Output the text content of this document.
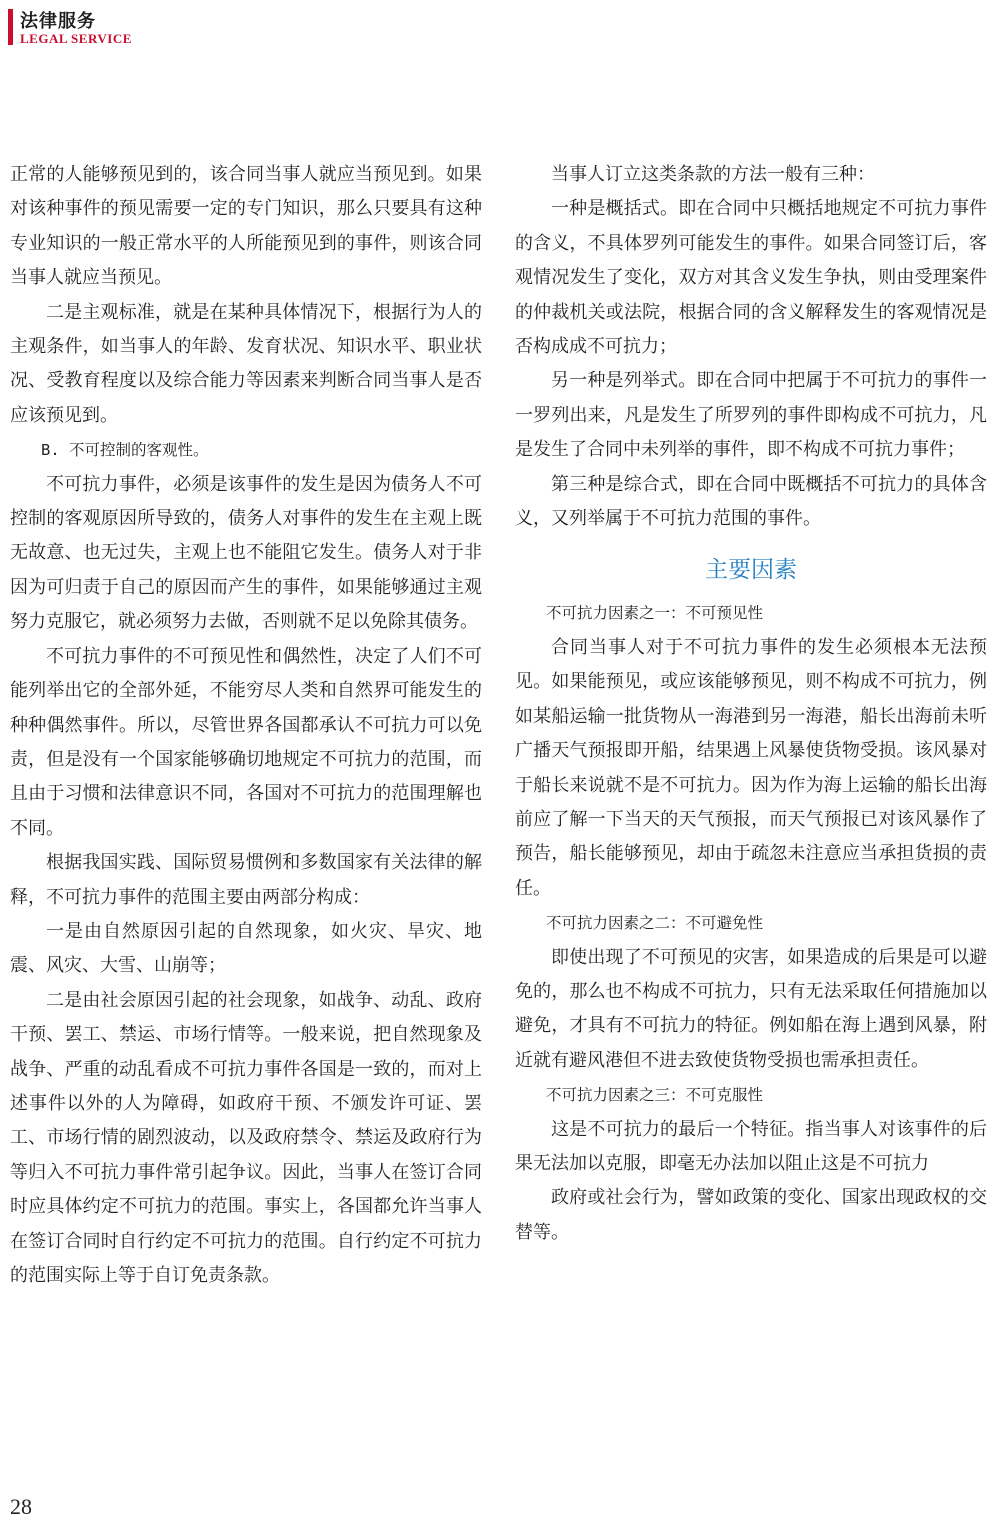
法律服务
LEGAL SERVICE

正常的人能够预见到的，该合同当事人就应当预见到。如果对该种事件的预见需要一定的专门知识，那么只要具有这种专业知识的一般正常水平的人所能预见到的事件，则该合同当事人就应当预见。

二是主观标准，就是在某种具体情况下，根据行为人的主观条件，如当事人的年龄、发育状况、知识水平、职业状况、受教育程度以及综合能力等因素来判断合同当事人是否应该预见到。

B. 不可控制的客观性。

不可抗力事件，必须是该事件的发生是因为债务人不可控制的客观原因所导致的，债务人对事件的发生在主观上既无故意、也无过失，主观上也不能阻它发生。债务人对于非因为可归责于自己的原因而产生的事件，如果能够通过主观努力克服它，就必须努力去做，否则就不足以免除其债务。

不可抗力事件的不可预见性和偶然性，决定了人们不可能列举出它的全部外延，不能穷尽人类和自然界可能发生的种种偶然事件。所以，尽管世界各国都承认不可抗力可以免责，但是没有一个国家能够确切地规定不可抗力的范围，而且由于习惯和法律意识不同，各国对不可抗力的范围理解也不同。

根据我国实践、国际贸易惯例和多数国家有关法律的解释，不可抗力事件的范围主要由两部分构成：

一是由自然原因引起的自然现象，如火灾、旱灾、地震、风灾、大雪、山崩等；

二是由社会原因引起的社会现象，如战争、动乱、政府干预、罢工、禁运、市场行情等。一般来说，把自然现象及战争、严重的动乱看成不可抗力事件各国是一致的，而对上述事件以外的人为障碍，如政府干预、不颁发许可证、罢工、市场行情的剧烈波动，以及政府禁令、禁运及政府行为等归入不可抗力事件常引起争议。因此，当事人在签订合同时应具体约定不可抗力的范围。事实上，各国都允许当事人在签订合同时自行约定不可抗力的范围。自行约定不可抗力的范围实际上等于自订免责条款。

当事人订立这类条款的方法一般有三种：

一种是概括式。即在合同中只概括地规定不可抗力事件的含义，不具体罗列可能发生的事件。如果合同签订后，客观情况发生了变化，双方对其含义发生争执，则由受理案件的仲裁机关或法院，根据合同的含义解释发生的客观情况是否构成成不可抗力；

另一种是列举式。即在合同中把属于不可抗力的事件一一罗列出来，凡是发生了所罗列的事件即构成不可抗力，凡是发生了合同中未列举的事件，即不构成不可抗力事件；

第三种是综合式，即在合同中既概括不可抗力的具体含义，又列举属于不可抗力范围的事件。

主要因素

不可抗力因素之一：不可预见性

合同当事人对于不可抗力事件的发生必须根本无法预见。如果能预见，或应该能够预见，则不构成不可抗力，例如某船运输一批货物从一海港到另一海港，船长出海前未听广播天气预报即开船，结果遇上风暴使货物受损。该风暴对于船长来说就不是不可抗力。因为作为海上运输的船长出海前应了解一下当天的天气预报，而天气预报已对该风暴作了预告，船长能够预见，却由于疏忽未注意应当承担货损的责任。

不可抗力因素之二：不可避免性

即使出现了不可预见的灾害，如果造成的后果是可以避免的，那么也不构成不可抗力，只有无法采取任何措施加以避免，才具有不可抗力的特征。例如船在海上遇到风暴，附近就有避风港但不进去致使货物受损也需承担责任。

不可抗力因素之三：不可克服性

这是不可抗力的最后一个特征。指当事人对该事件的后果无法加以克服，即毫无办法加以阻止这是不可抗力

政府或社会行为，譬如政策的变化、国家出现政权的交替等。

28
